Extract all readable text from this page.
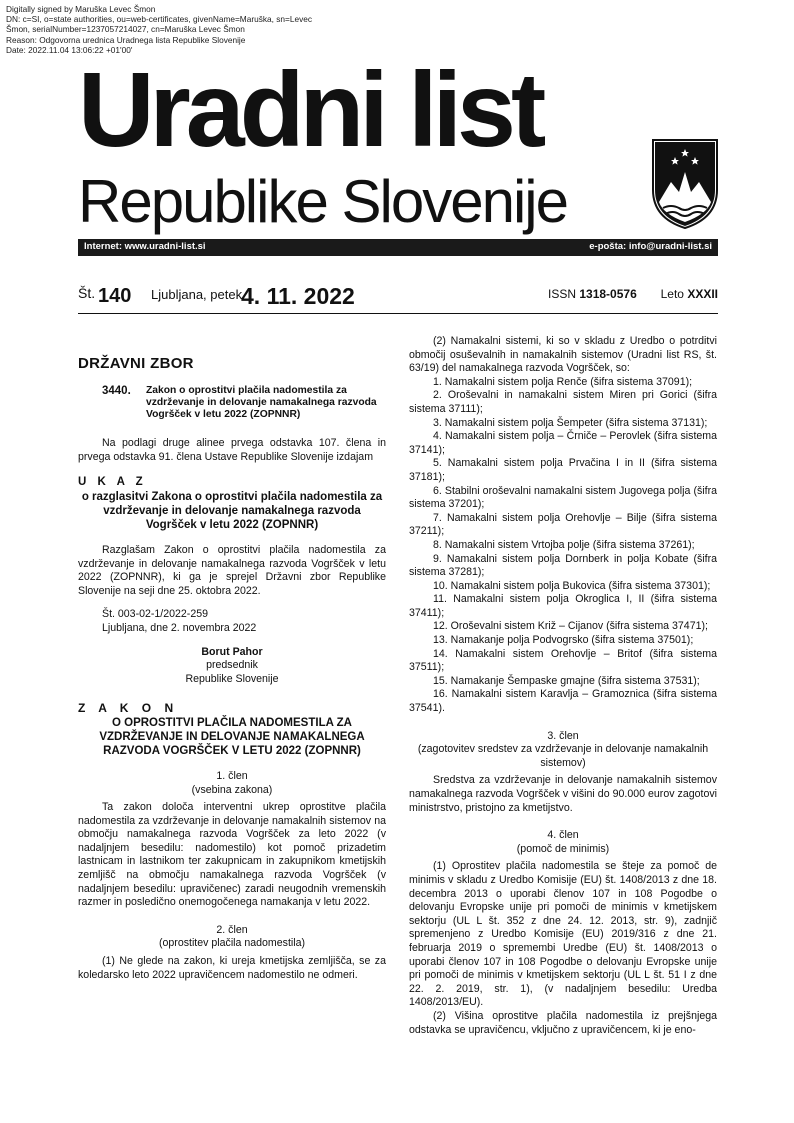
Digitally signed by Maruška Levec Šmon
DN: c=SI, o=state authorities, ou=web-certificates, givenName=Maruška, sn=Levec
Šmon, serialNumber=1237057214027, cn=Maruška Levec Šmon
Reason: Odgovorna urednica Uradnega lista Republike Slovenije
Date: 2022.11.04 13:06:22 +01'00'
Uradni list
Republike Slovenije
Internet: www.uradni-list.si	e-pošta: info@uradni-list.si
Št. 140 Ljubljana, petek
4. 11. 2022	ISSN 1318-0576 Leto XXXII

DRŽAVNI ZBOR

3440.	Zakon o oprostitvi plačila nadomestila za vzdrževanje in delovanje namakalnega razvoda Vogršček v letu 2022 (ZOPNNR)

Na podlagi druge alinee prvega odstavka 107. člena in prvega odstavka 91. člena Ustave Republike Slovenije izdajam

U K A Z

o razglasitvi Zakona o oprostitvi plačila nadomestila za vzdrževanje in delovanje namakalnega razvoda Vogršček v letu 2022 (ZOPNNR)

Razglašam Zakon o oprostitvi plačila nadomestila za vzdrževanje in delovanje namakalnega razvoda Vogršček v letu 2022 (ZOPNNR), ki ga je sprejel Državni zbor Republike Slovenije na seji dne 25. oktobra 2022.

Št. 003-02-1/2022-259

Ljubljana, dne 2. novembra 2022

Borut Pahor

predsednik

Republike Slovenije

Z A K O N

O OPROSTITVI PLAČILA NADOMESTILA ZA VZDRŽEVANJE IN DELOVANJE NAMAKALNEGA RAZVODA VOGRŠČEK V LETU 2022 (ZOPNNR)

1. člen

(vsebina zakona)

Ta zakon določa interventni ukrep oprostitve plačila nadomestila za vzdrževanje in delovanje namakalnih sistemov na območju namakalnega razvoda Vogršček za leto 2022 (v nadaljnjem besedilu: nadomestilo) kot pomoč prizadetim lastnicam in lastnikom ter zakupnicam in zakupnikom kmetijskih zemljišč na območju namakalnega razvoda Vogršček (v nadaljnjem besedilu: upravičenec) zaradi neugodnih vremenskih razmer in posledično onemogočenega namakanja v letu 2022.

2. člen

(oprostitev plačila nadomestila)

(1) Ne glede na zakon, ki ureja kmetijska zemljišča, se za koledarsko leto 2022 upravičencem nadomestilo ne odmeri.

(2) Namakalni sistemi, ki so v skladu z Uredbo o potrditvi območij osuševalnih in namakalnih sistemov (Uradni list RS, št. 63/19) del namakalnega razvoda Vogršček, so:

1. Namakalni sistem polja Renče (šifra sistema 37091);

2. Oroševalni in namakalni sistem Miren pri Gorici (šifra sistema 37111);

3. Namakalni sistem polja Šempeter (šifra sistema 37131);

4. Namakalni sistem polja – Črniče – Perovlek (šifra sistema 37141);

5. Namakalni sistem polja Prvačina I in II (šifra sistema 37181);

6. Stabilni oroševalni namakalni sistem Jugovega polja (šifra sistema 37201);

7. Namakalni sistem polja Orehovlje – Bilje (šifra sistema 37211);

8. Namakalni sistem Vrtojba polje (šifra sistema 37261);

9. Namakalni sistem polja Dornberk in polja Kobate (šifra sistema 37281);

10. Namakalni sistem polja Bukovica (šifra sistema 37301);

11. Namakalni sistem polja Okroglica I, II (šifra sistema 37411);

12. Oroševalni sistem Križ – Cijanov (šifra sistema 37471);

13. Namakanje polja Podvogrsko (šifra sistema 37501);

14. Namakalni sistem Orehovlje – Britof (šifra sistema 37511);

15. Namakanje Šempaske gmajne (šifra sistema 37531);

16. Namakalni sistem Karavlja – Gramoznica (šifra sistema 37541).

3. člen

(zagotovitev sredstev za vzdrževanje in delovanje namakalnih sistemov)

Sredstva za vzdrževanje in delovanje namakalnih sistemov namakalnega razvoda Vogršček v višini do 90.000 eurov zagotovi ministrstvo, pristojno za kmetijstvo.

4. člen

(pomoč de minimis)

(1) Oprostitev plačila nadomestila se šteje za pomoč de minimis v skladu z Uredbo Komisije (EU) št. 1408/2013 z dne 18. decembra 2013 o uporabi členov 107 in 108 Pogodbe o delovanju Evropske unije pri pomoči de minimis v kmetijskem sektorju (UL L št. 352 z dne 24. 12. 2013, str. 9), zadnjič spremenjeno z Uredbo Komisije (EU) 2019/316 z dne 21. februarja 2019 o spremembi Uredbe (EU) št. 1408/2013 o uporabi členov 107 in 108 Pogodbe o delovanju Evropske unije pri pomoči de minimis v kmetijskem sektorju (UL L št. 51 I z dne 22. 2. 2019, str. 1), (v nadaljnjem besedilu: Uredba 1408/2013/EU).

(2) Višina oprostitve plačila nadomestila iz prejšnjega odstavka se upravičencu, vključno z upravičencem, ki je eno-
